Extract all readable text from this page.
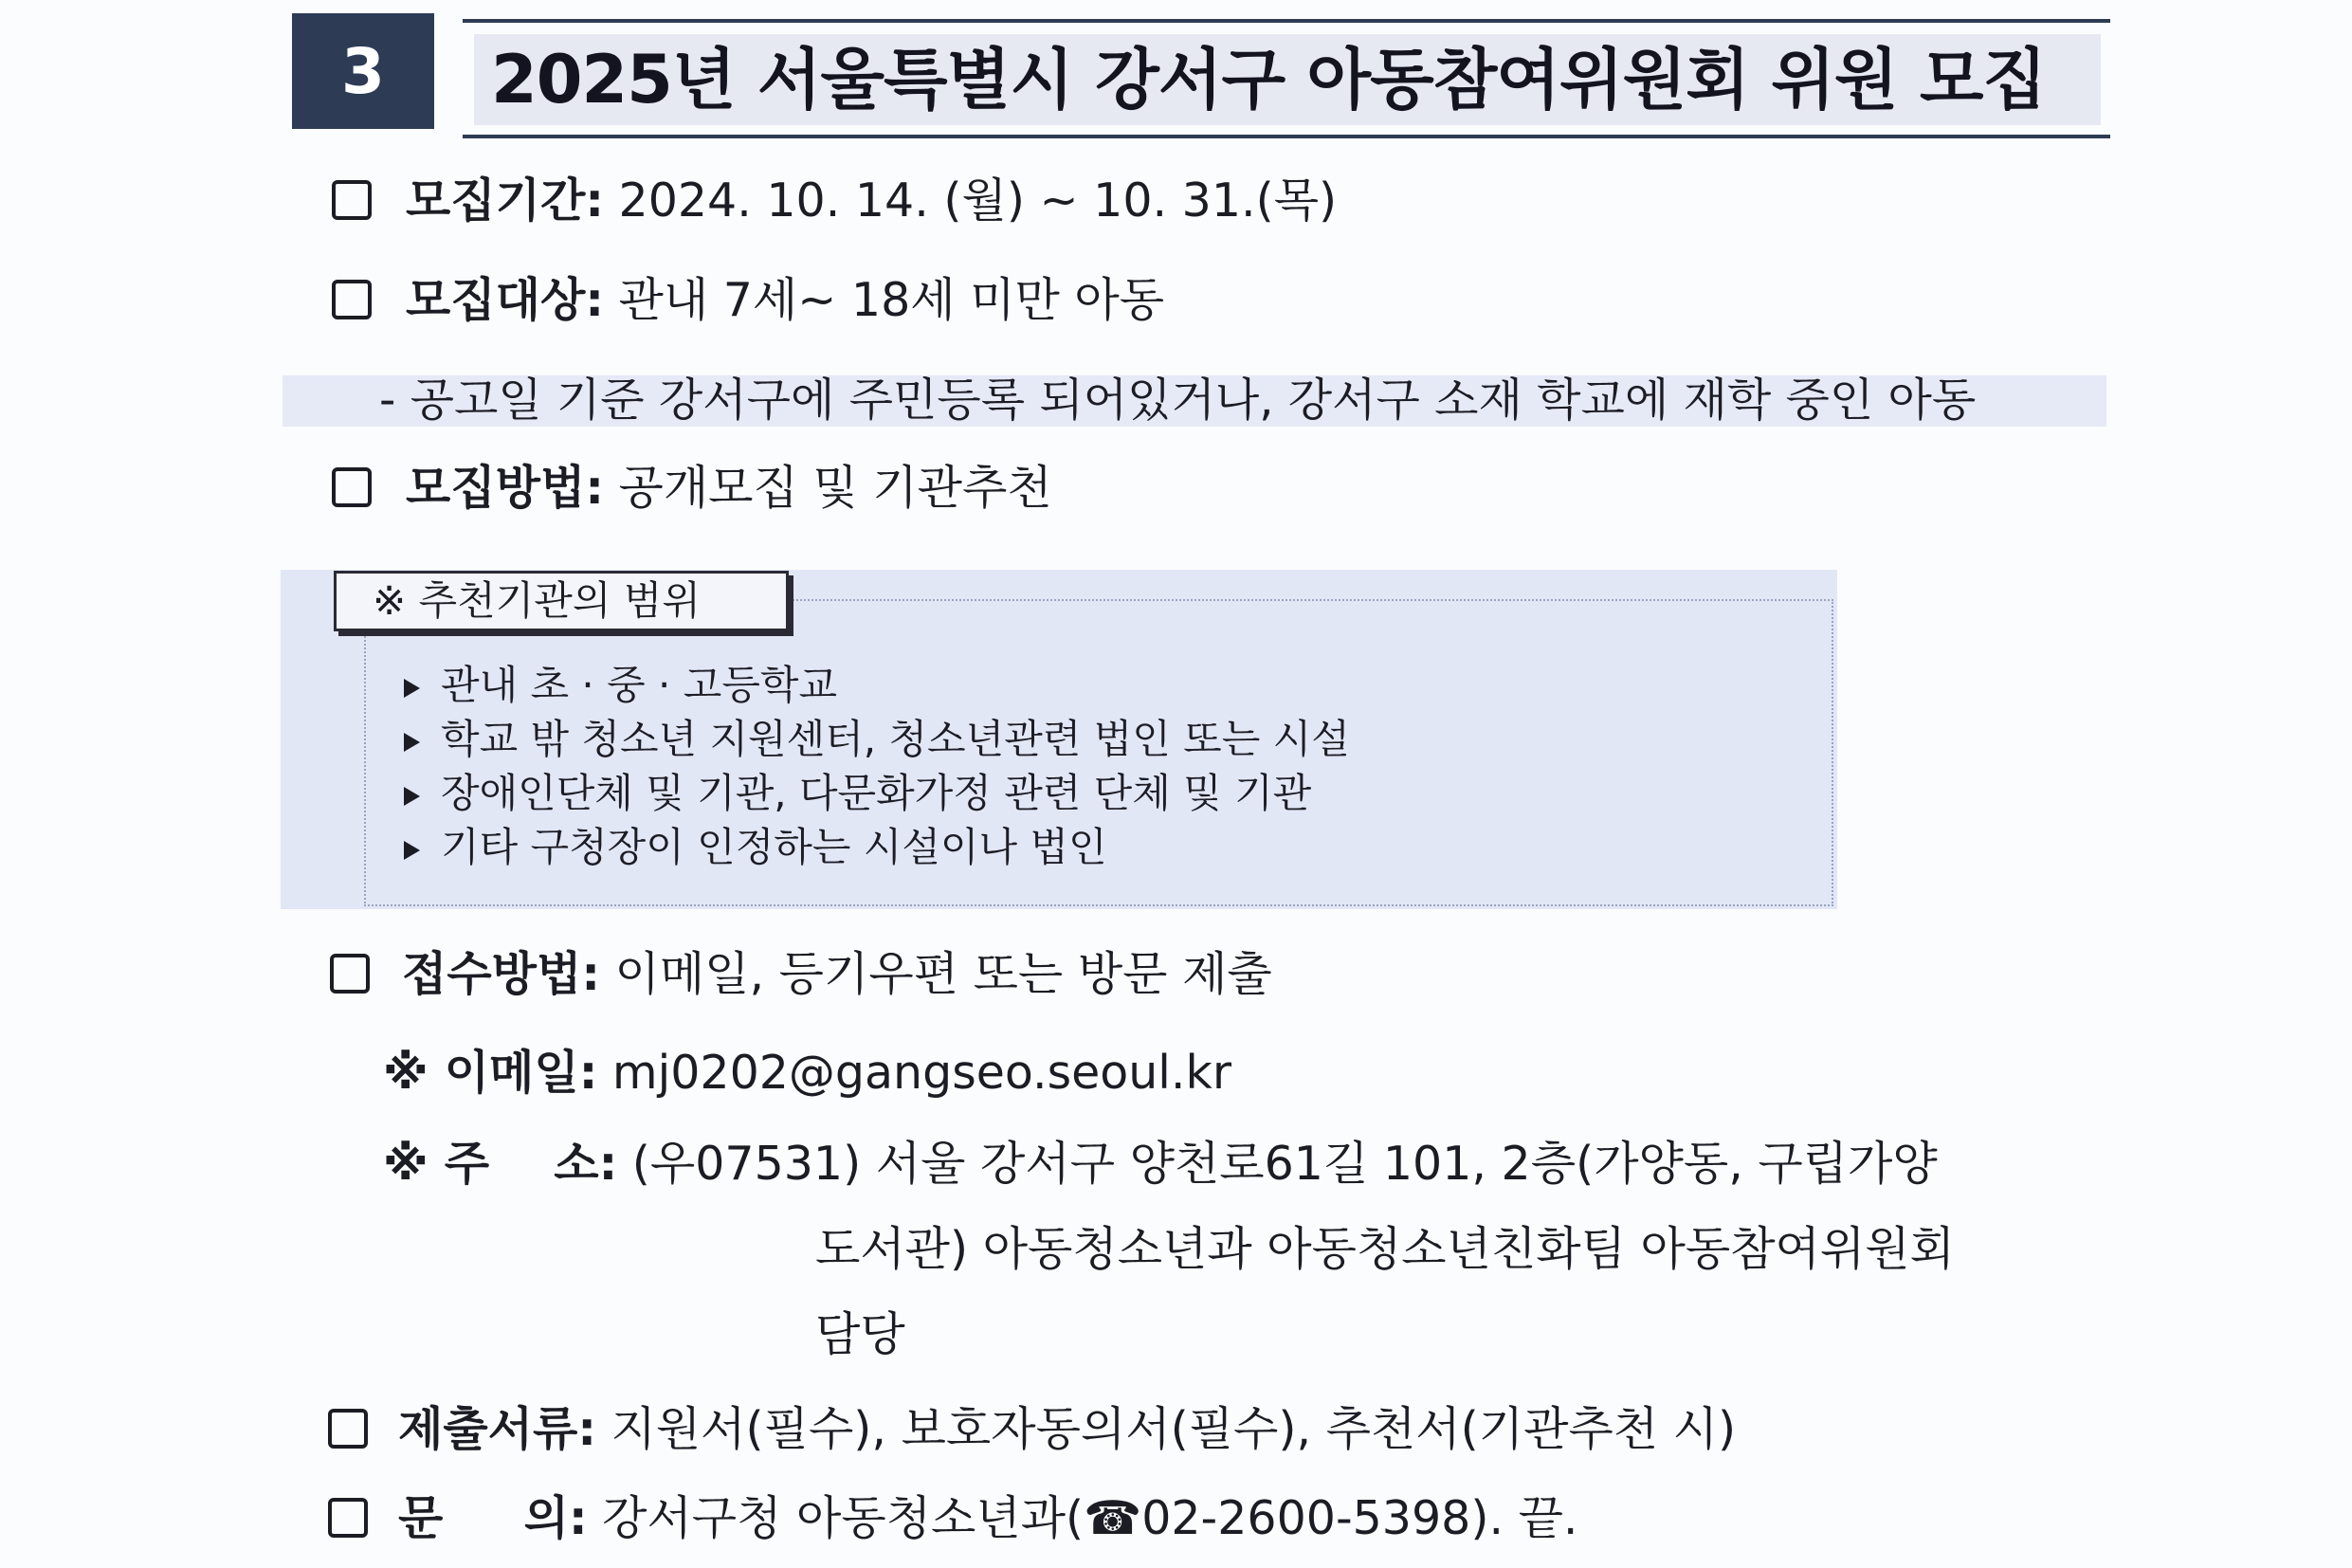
3 2025년 서울특별시 강서구 아동참여위원회 위원 모집
모집기간: 2024. 10. 14. (월) ~ 10. 31.(목)
모집대상: 관내 7세~ 18세 미만 아동
- 공고일 기준 강서구에 주민등록 되어있거나, 강서구 소재 학교에 재학 중인 아동
모집방법: 공개모집 및 기관추천
※ 추천기관의 범위
관내 초 · 중 · 고등학교
학교 밖 청소년 지원센터, 청소년관련 법인 또는 시설
장애인단체 및 기관, 다문화가정 관련 단체 및 기관
기타 구청장이 인정하는 시설이나 법인
접수방법: 이메일, 등기우편 또는 방문 제출
※ 이메일: mj0202@gangseo.seoul.kr
※ 주    소: (우07531) 서울 강서구 양천로61길 101, 2층(가양동, 구립가양
도서관) 아동청소년과 아동청소년친화팀 아동참여위원회
담당
제출서류: 지원서(필수), 보호자동의서(필수), 추천서(기관추천 시)
문     의: 강서구청 아동청소년과(☎02-2600-5398). 끝.
